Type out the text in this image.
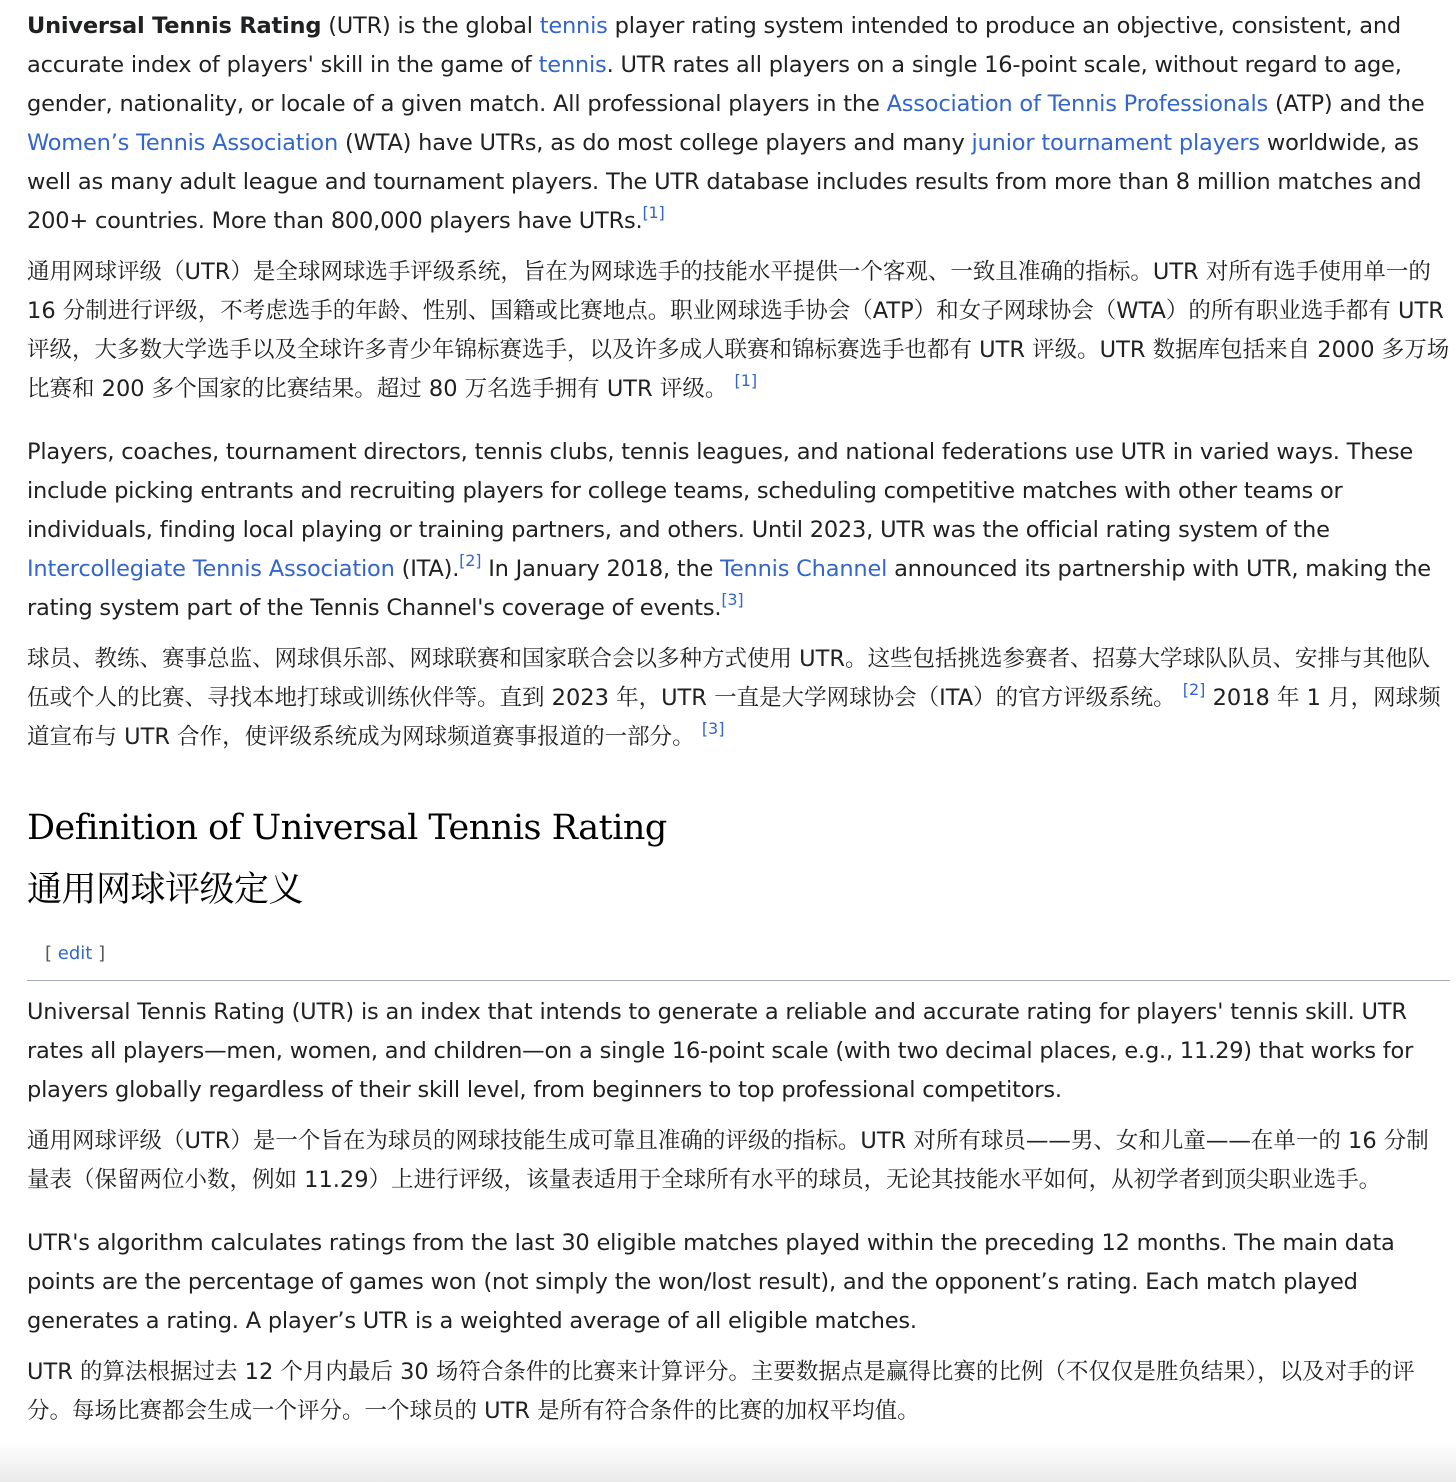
Universal Tennis Rating (UTR) is the global tennis player rating system intended to produce an objective, consistent, and accurate index of players' skill in the game of tennis. UTR rates all players on a single 16-point scale, without regard to age, gender, nationality, or locale of a given match. All professional players in the Association of Tennis Professionals (ATP) and the Women’s Tennis Association (WTA) have UTRs, as do most college players and many junior tournament players worldwide, as well as many adult league and tournament players. The UTR database includes results from more than 8 million matches and 200+ countries. More than 800,000 players have UTRs.[1]

通用网球评级（UTR）是全球网球选手评级系统，旨在为网球选手的技能水平提供一个客观、一致且准确的指标。UTR 对所有选手使用单一的 16 分制进行评级，不考虑选手的年龄、性别、国籍或比赛地点。职业网球选手协会（ATP）和女子网球协会（WTA）的所有职业选手都有 UTR 评级，大多数大学选手以及全球许多青少年锦标赛选手，以及许多成人联赛和锦标赛选手也都有 UTR 评级。UTR 数据库包括来自 2000 多万场比赛和 200 多个国家的比赛结果。超过 80 万名选手拥有 UTR 评级。 [1]

Players, coaches, tournament directors, tennis clubs, tennis leagues, and national federations use UTR in varied ways. These include picking entrants and recruiting players for college teams, scheduling competitive matches with other teams or individuals, finding local playing or training partners, and others. Until 2023, UTR was the official rating system of the Intercollegiate Tennis Association (ITA).[2] In January 2018, the Tennis Channel announced its partnership with UTR, making the rating system part of the Tennis Channel's coverage of events.[3]

球员、教练、赛事总监、网球俱乐部、网球联赛和国家联合会以多种方式使用 UTR。这些包括挑选参赛者、招募大学球队队员、安排与其他队伍或个人的比赛、寻找本地打球或训练伙伴等。直到 2023 年，UTR 一直是大学网球协会（ITA）的官方评级系统。 [2] 2018 年 1 月，网球频道宣布与 UTR 合作，使评级系统成为网球频道赛事报道的一部分。 [3]

Definition of Universal Tennis Rating
通用网球评级定义
[ edit ]

Universal Tennis Rating (UTR) is an index that intends to generate a reliable and accurate rating for players' tennis skill. UTR rates all players—men, women, and children—on a single 16-point scale (with two decimal places, e.g., 11.29) that works for players globally regardless of their skill level, from beginners to top professional competitors.

通用网球评级（UTR）是一个旨在为球员的网球技能生成可靠且准确的评级的指标。UTR 对所有球员——男、女和儿童——在单一的 16 分制量表（保留两位小数，例如 11.29）上进行评级，该量表适用于全球所有水平的球员，无论其技能水平如何，从初学者到顶尖职业选手。

UTR's algorithm calculates ratings from the last 30 eligible matches played within the preceding 12 months. The main data points are the percentage of games won (not simply the won/lost result), and the opponent’s rating. Each match played generates a rating. A player’s UTR is a weighted average of all eligible matches.

UTR 的算法根据过去 12 个月内最后 30 场符合条件的比赛来计算评分。主要数据点是赢得比赛的比例（不仅仅是胜负结果），以及对手的评分。每场比赛都会生成一个评分。一个球员的 UTR 是所有符合条件的比赛的加权平均值。
